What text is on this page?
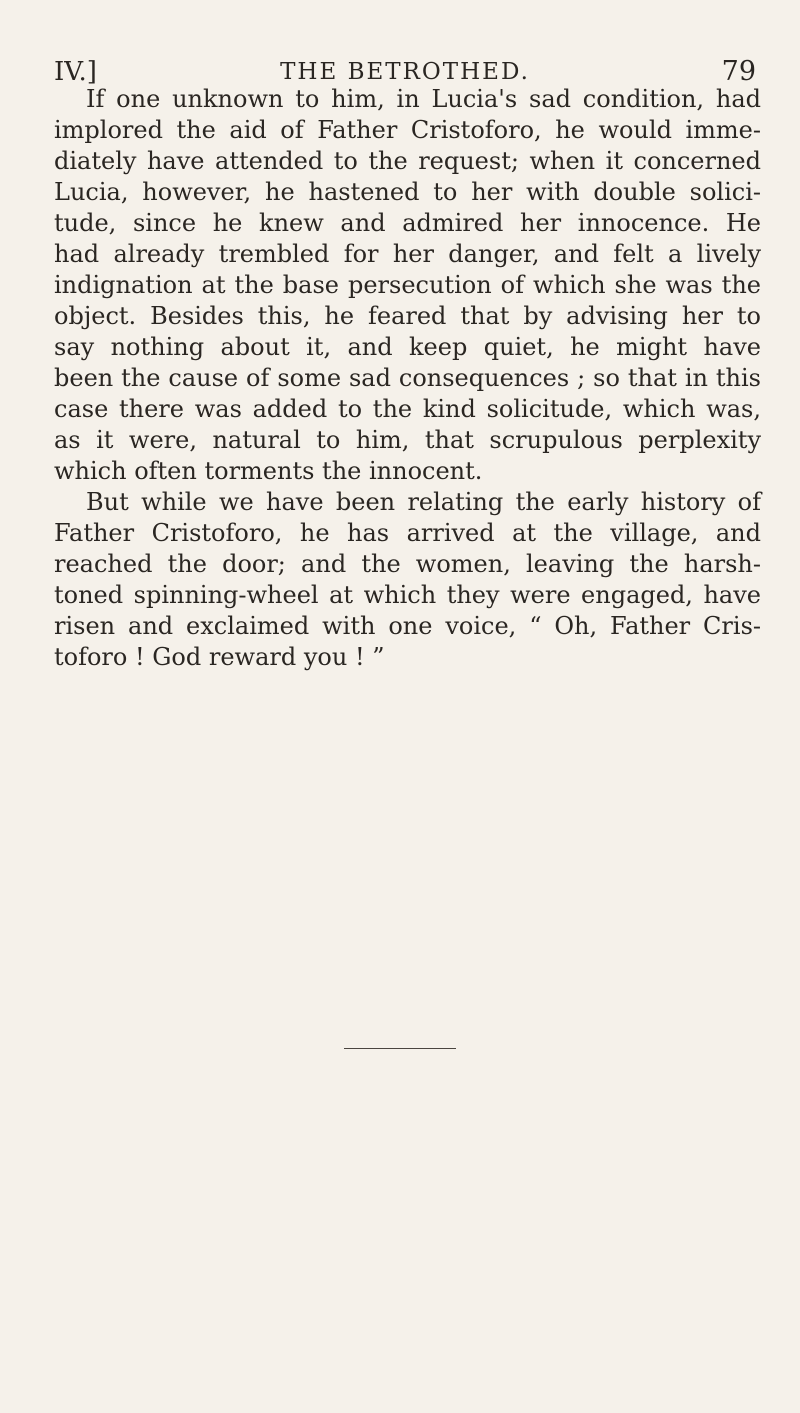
IV.]	THE BETROTHED.	79
If one unknown to him, in Lucia's sad condition, had
implored the aid of Father Cristoforo, he would imme-
diately have attended to the request; when it concerned
Lucia, however, he hastened to her with double solici-
tude, since he knew and admired her innocence. He
had already trembled for her danger, and felt a lively
indignation at the base persecution of which she was the
object. Besides this, he feared that by advising her to
say nothing about it, and keep quiet, he might have
been the cause of some sad consequences ; so that in this
case there was added to the kind solicitude, which was,
as it were, natural to him, that scrupulous perplexity
which often torments the innocent.
But while we have been relating the early history of
Father Cristoforo, he has arrived at the village, and
reached the door; and the women, leaving the harsh-
toned spinning-wheel at which they were engaged, have
risen and exclaimed with one voice, “ Oh, Father Cris-
toforo ! God reward you ! ”
